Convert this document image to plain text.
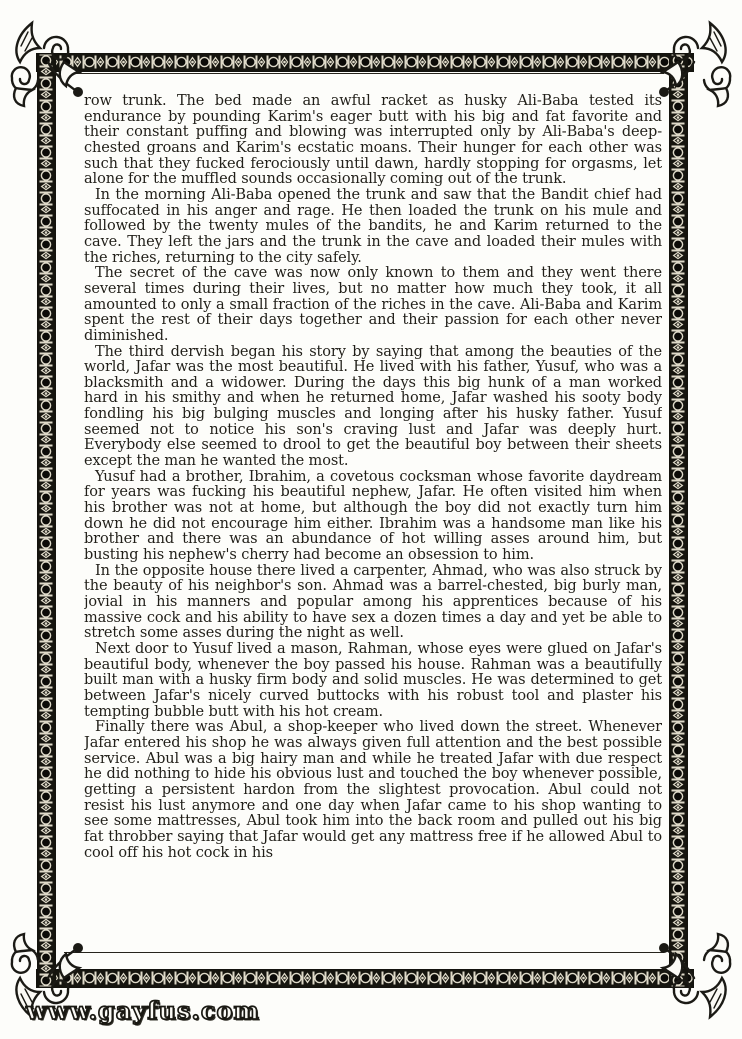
row trunk. The bed made an awful racket as husky Ali-Baba tested its endurance by pounding Karim's eager butt with his big and fat favorite and their constant puffing and blowing was interrupted only by Ali-Baba's deep-chested groans and Karim's ecstatic moans. Their hunger for each other was such that they fucked ferociously until dawn, hardly stopping for orgasms, let alone for the muffled sounds occasionally coming out of the trunk.

In the morning Ali-Baba opened the trunk and saw that the Bandit chief had suffocated in his anger and rage. He then loaded the trunk on his mule and followed by the twenty mules of the bandits, he and Karim returned to the cave. They left the jars and the trunk in the cave and loaded their mules with the riches, returning to the city safely.

The secret of the cave was now only known to them and they went there several times during their lives, but no matter how much they took, it all amounted to only a small fraction of the riches in the cave. Ali-Baba and Karim spent the rest of their days together and their passion for each other never diminished.

The third dervish began his story by saying that among the beauties of the world, Jafar was the most beautiful. He lived with his father, Yusuf, who was a blacksmith and a widower. During the days this big hunk of a man worked hard in his smithy and when he returned home, Jafar washed his sooty body fondling his big bulging muscles and longing after his husky father. Yusuf seemed not to notice his son's craving lust and Jafar was deeply hurt. Everybody else seemed to drool to get the beautiful boy between their sheets except the man he wanted the most.

Yusuf had a brother, Ibrahim, a covetous cocksman whose favorite daydream for years was fucking his beautiful nephew, Jafar. He often visited him when his brother was not at home, but although the boy did not exactly turn him down he did not encourage him either. Ibrahim was a handsome man like his brother and there was an abundance of hot willing asses around him, but busting his nephew's cherry had become an obsession to him.

In the opposite house there lived a carpenter, Ahmad, who was also struck by the beauty of his neighbor's son. Ahmad was a barrel-chested, big burly man, jovial in his manners and popular among his apprentices because of his massive cock and his ability to have sex a dozen times a day and yet be able to stretch some asses during the night as well.

Next door to Yusuf lived a mason, Rahman, whose eyes were glued on Jafar's beautiful body, whenever the boy passed his house. Rahman was a beautifully built man with a husky firm body and solid muscles. He was determined to get between Jafar's nicely curved buttocks with his robust tool and plaster his tempting bubble butt with his hot cream.

Finally there was Abul, a shop-keeper who lived down the street. Whenever Jafar entered his shop he was always given full attention and the best possible service. Abul was a big hairy man and while he treated Jafar with due respect he did nothing to hide his obvious lust and touched the boy whenever possible, getting a persistent hardon from the slightest provocation. Abul could not resist his lust anymore and one day when Jafar came to his shop wanting to see some mattresses, Abul took him into the back room and pulled out his big fat throbber saying that Jafar would get any mattress free if he allowed Abul to cool off his hot cock in his

www.gayfus.com
